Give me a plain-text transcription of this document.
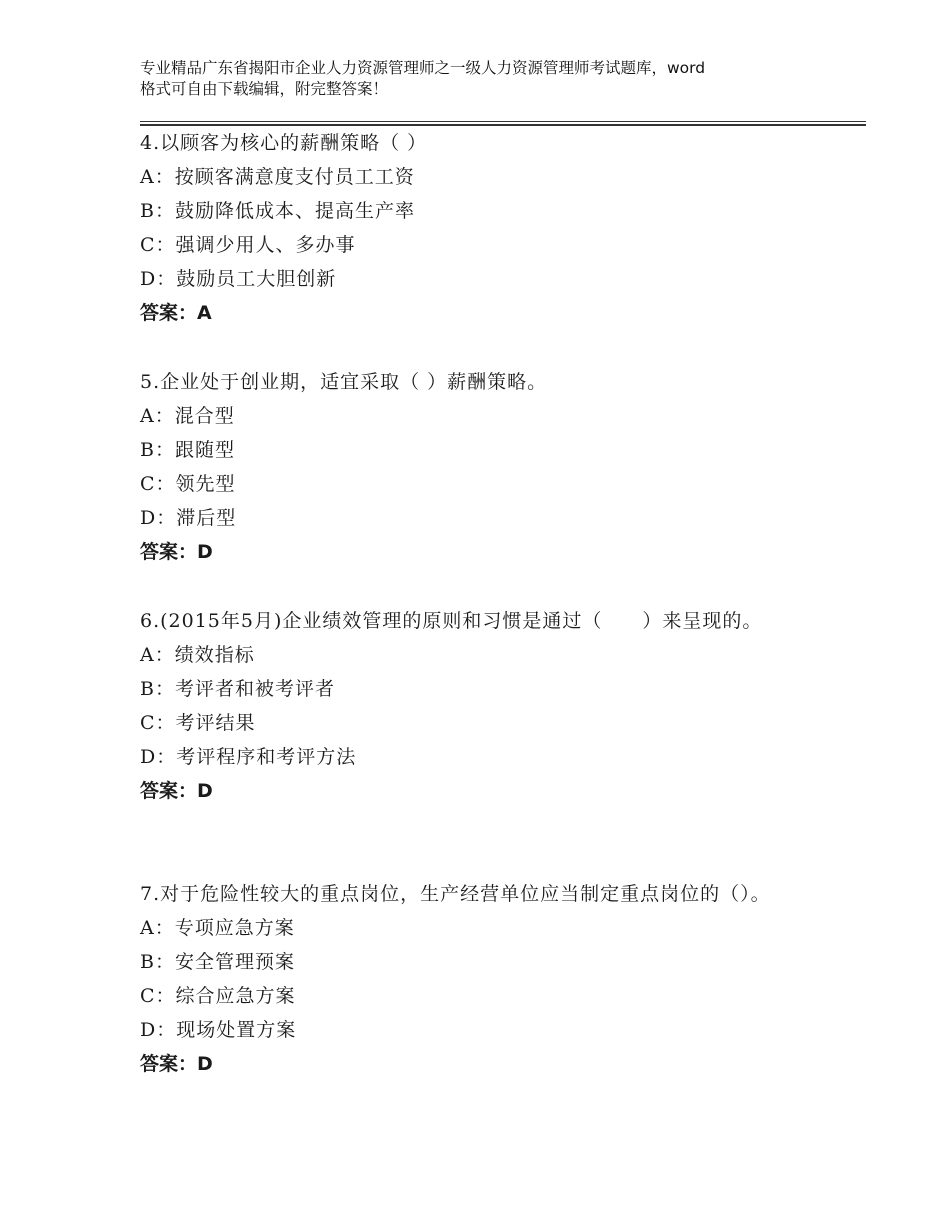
专业精品广东省揭阳市企业人力资源管理师之一级人力资源管理师考试题库，word
格式可自由下载编辑，附完整答案！
4.以顾客为核心的薪酬策略（ ）
A：按顾客满意度支付员工工资
B：鼓励降低成本、提高生产率
C：强调少用人、多办事
D：鼓励员工大胆创新
答案：A
5.企业处于创业期，适宜采取（ ）薪酬策略。
A：混合型
B：跟随型
C：领先型
D：滞后型
答案：D
6.(2015年5月)企业绩效管理的原则和习惯是通过（　　）来呈现的。
A：绩效指标
B：考评者和被考评者
C：考评结果
D：考评程序和考评方法
答案：D
7.对于危险性较大的重点岗位，生产经营单位应当制定重点岗位的（）。
A：专项应急方案
B：安全管理预案
C：综合应急方案
D：现场处置方案
答案：D
